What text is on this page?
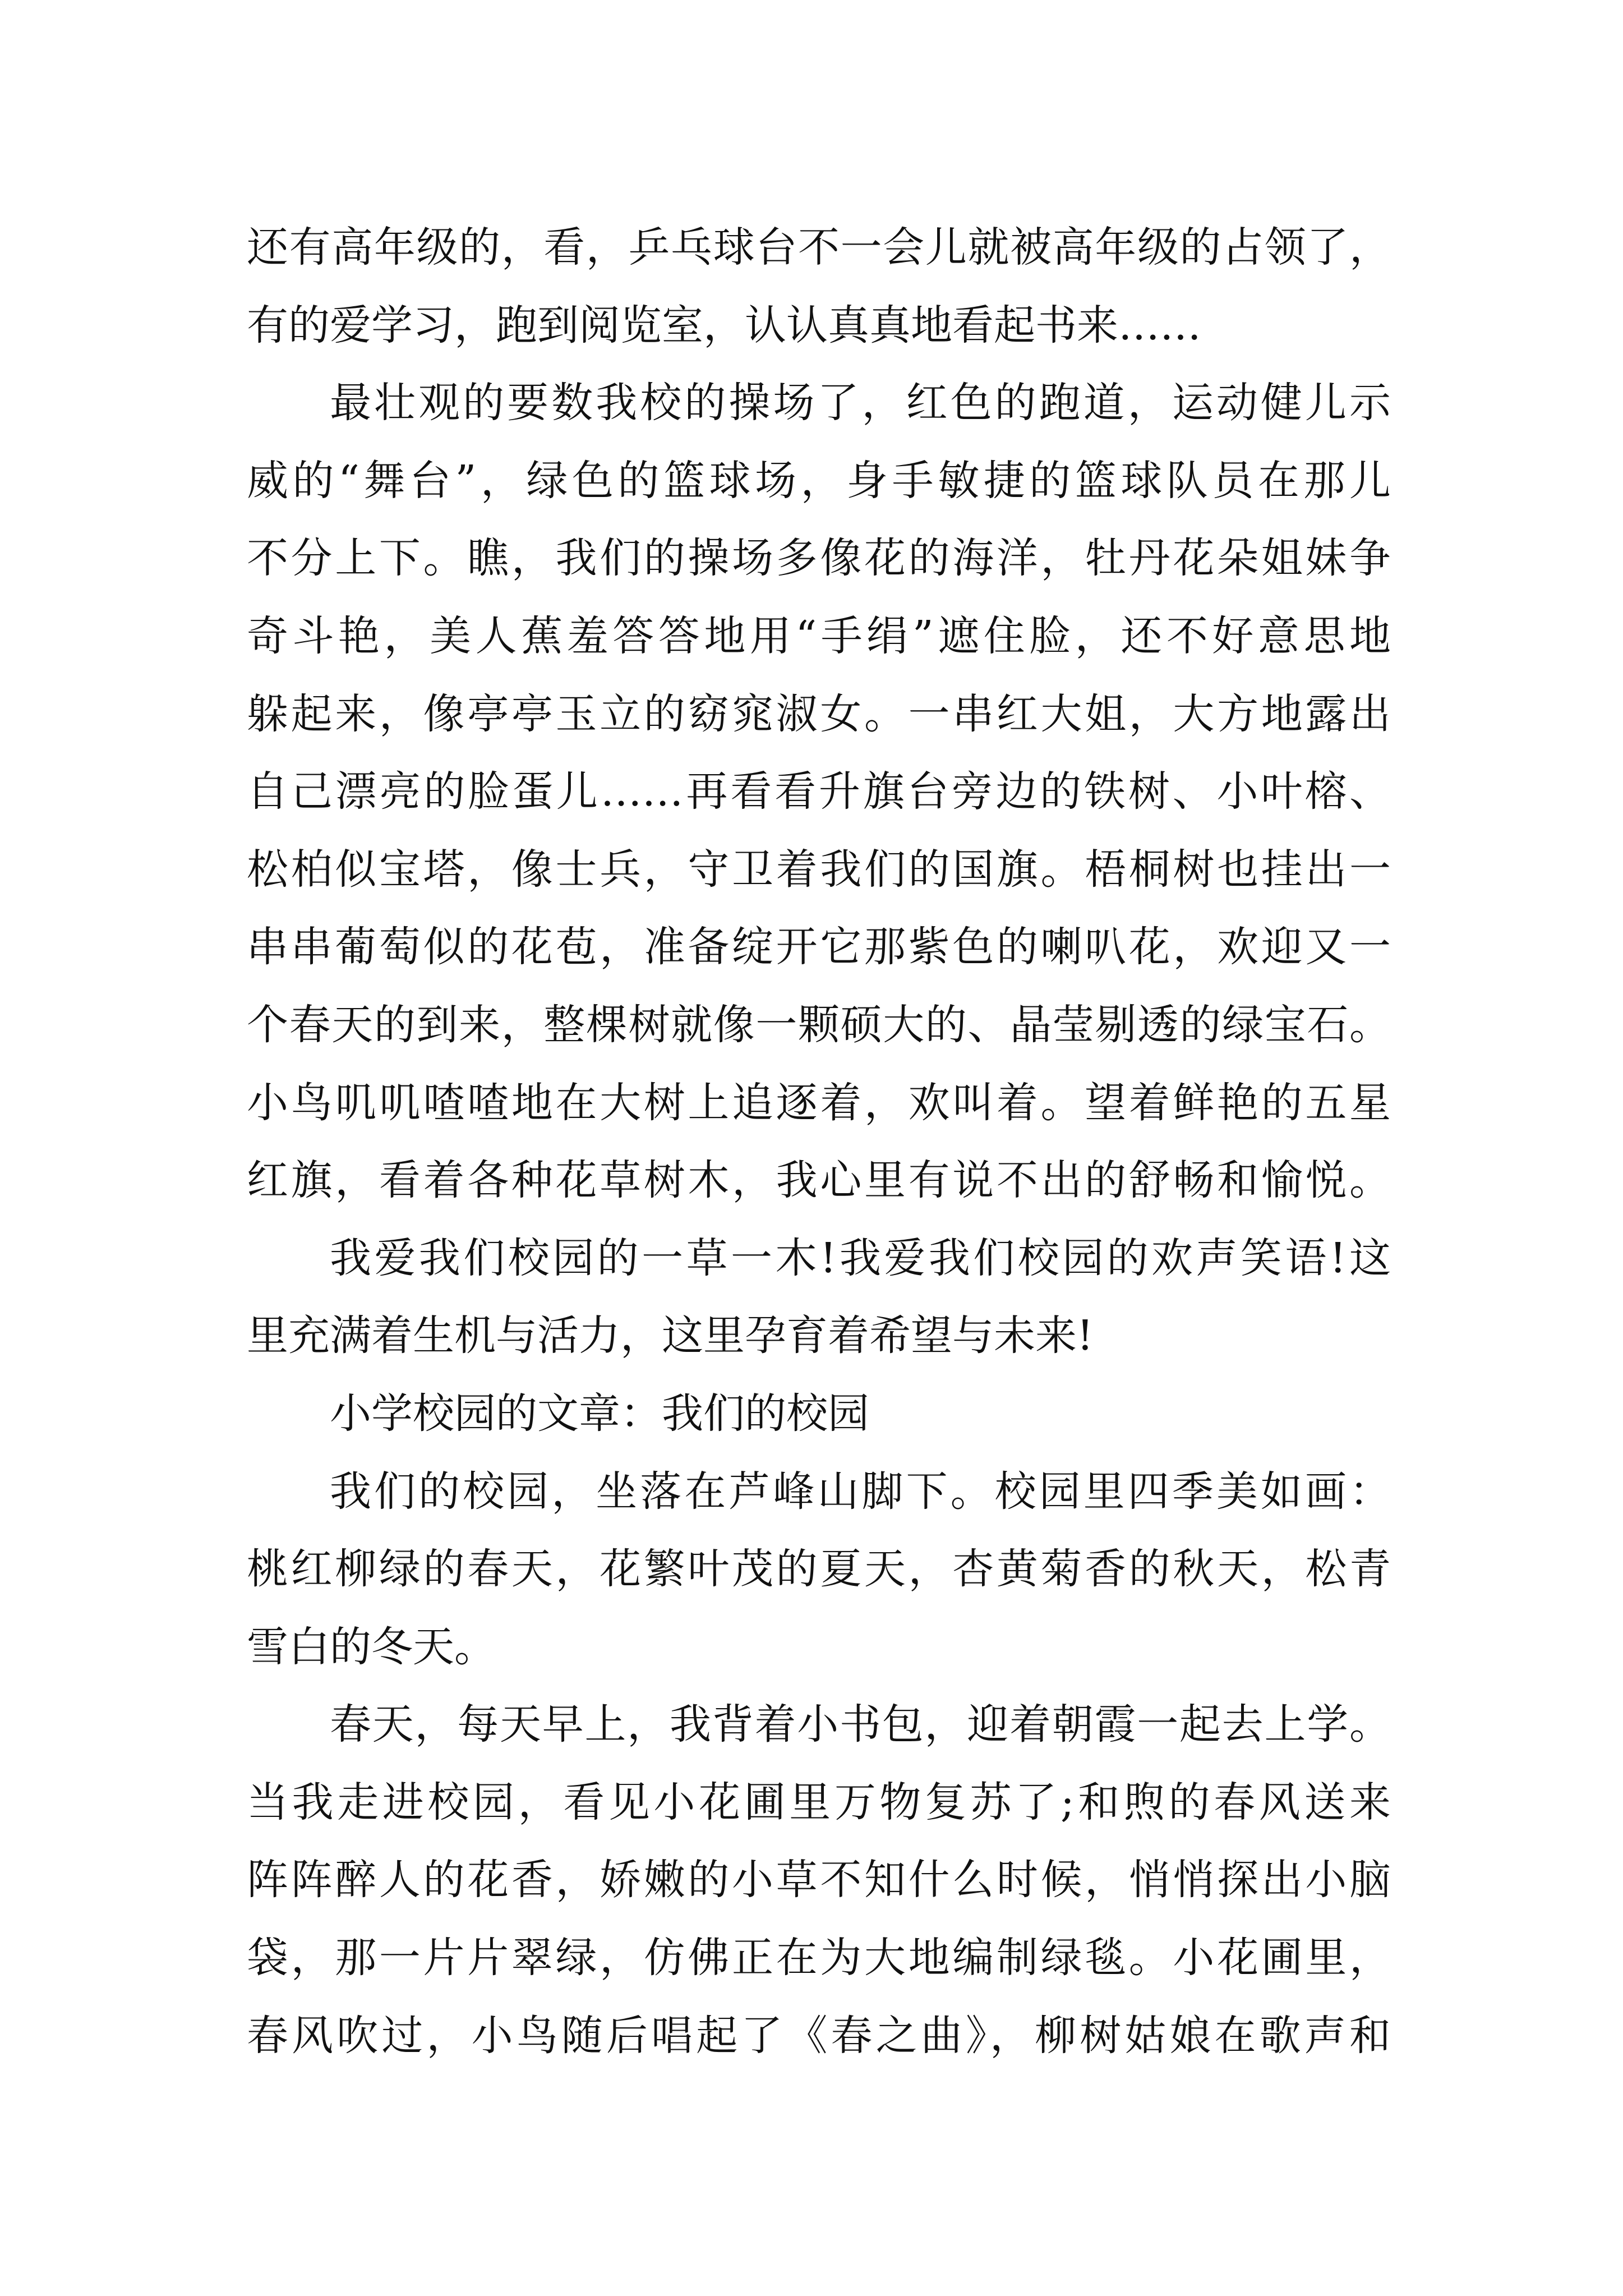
还有高年级的，看，乒乓球台不一会儿就被高年级的占领了，
有的爱学习，跑到阅览室，认认真真地看起书来……
最壮观的要数我校的操场了，红色的跑道，运动健儿示
威的“舞台”，绿色的篮球场，身手敏捷的篮球队员在那儿
不分上下。瞧，我们的操场多像花的海洋，牡丹花朵姐妹争
奇斗艳，美人蕉羞答答地用“手绢”遮住脸，还不好意思地
躲起来，像亭亭玉立的窈窕淑女。一串红大姐，大方地露出
自己漂亮的脸蛋儿……再看看升旗台旁边的铁树、小叶榕、
松柏似宝塔，像士兵，守卫着我们的国旗。梧桐树也挂出一
串串葡萄似的花苞，准备绽开它那紫色的喇叭花，欢迎又一
个春天的到来，整棵树就像一颗硕大的、晶莹剔透的绿宝石。
小鸟叽叽喳喳地在大树上追逐着，欢叫着。望着鲜艳的五星
红旗，看着各种花草树木，我心里有说不出的舒畅和愉悦。
我爱我们校园的一草一木!我爱我们校园的欢声笑语!这
里充满着生机与活力，这里孕育着希望与未来!
小学校园的文章：我们的校园
我们的校园，坐落在芦峰山脚下。校园里四季美如画：
桃红柳绿的春天，花繁叶茂的夏天，杏黄菊香的秋天，松青
雪白的冬天。
春天，每天早上，我背着小书包，迎着朝霞一起去上学。
当我走进校园，看见小花圃里万物复苏了;和煦的春风送来
阵阵醉人的花香，娇嫩的小草不知什么时候，悄悄探出小脑
袋，那一片片翠绿，仿佛正在为大地编制绿毯。小花圃里，
春风吹过，小鸟随后唱起了《春之曲》，柳树姑娘在歌声和
